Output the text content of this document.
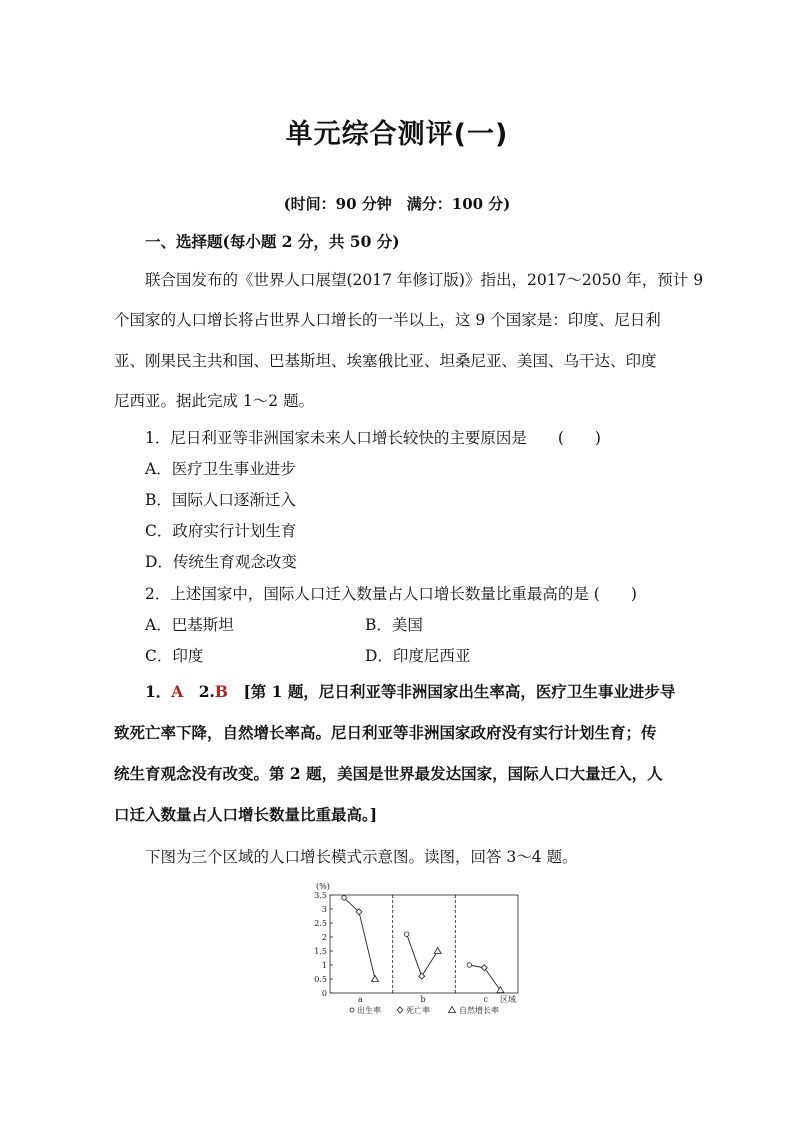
单元综合测评(一)
(时间：90 分钟　满分：100 分)
一、选择题(每小题 2 分，共 50 分)
联合国发布的《世界人口展望(2017 年修订版)》指出，2017～2050 年，预计 9
个国家的人口增长将占世界人口增长的一半以上，这 9 个国家是：印度、尼日利
亚、刚果民主共和国、巴基斯坦、埃塞俄比亚、坦桑尼亚、美国、乌干达、印度
尼西亚。据此完成 1～2 题。
1．尼日利亚等非洲国家未来人口增长较快的主要原因是　　(　　)
A．医疗卫生事业进步
B．国际人口逐渐迁入
C．政府实行计划生育
D．传统生育观念改变
2．上述国家中，国际人口迁入数量占人口增长数量比重最高的是 (　　)
A．巴基斯坦	B．美国
C．印度	D．印度尼西亚
1．A 2.B [第 1 题，尼日利亚等非洲国家出生率高，医疗卫生事业进步导
致死亡率下降，自然增长率高。尼日利亚等非洲国家政府没有实行计划生育；传
统生育观念没有改变。第 2 题，美国是世界最发达国家，国际人口大量迁入，人
口迁入数量占人口增长数量比重最高。]
下图为三个区域的人口增长模式示意图。读图，回答 3～4 题。
0
0.5
1
1.5
2
2.5
3
3.5
(%)
a	b	c 区域
出生率	死亡率	自然增长率
